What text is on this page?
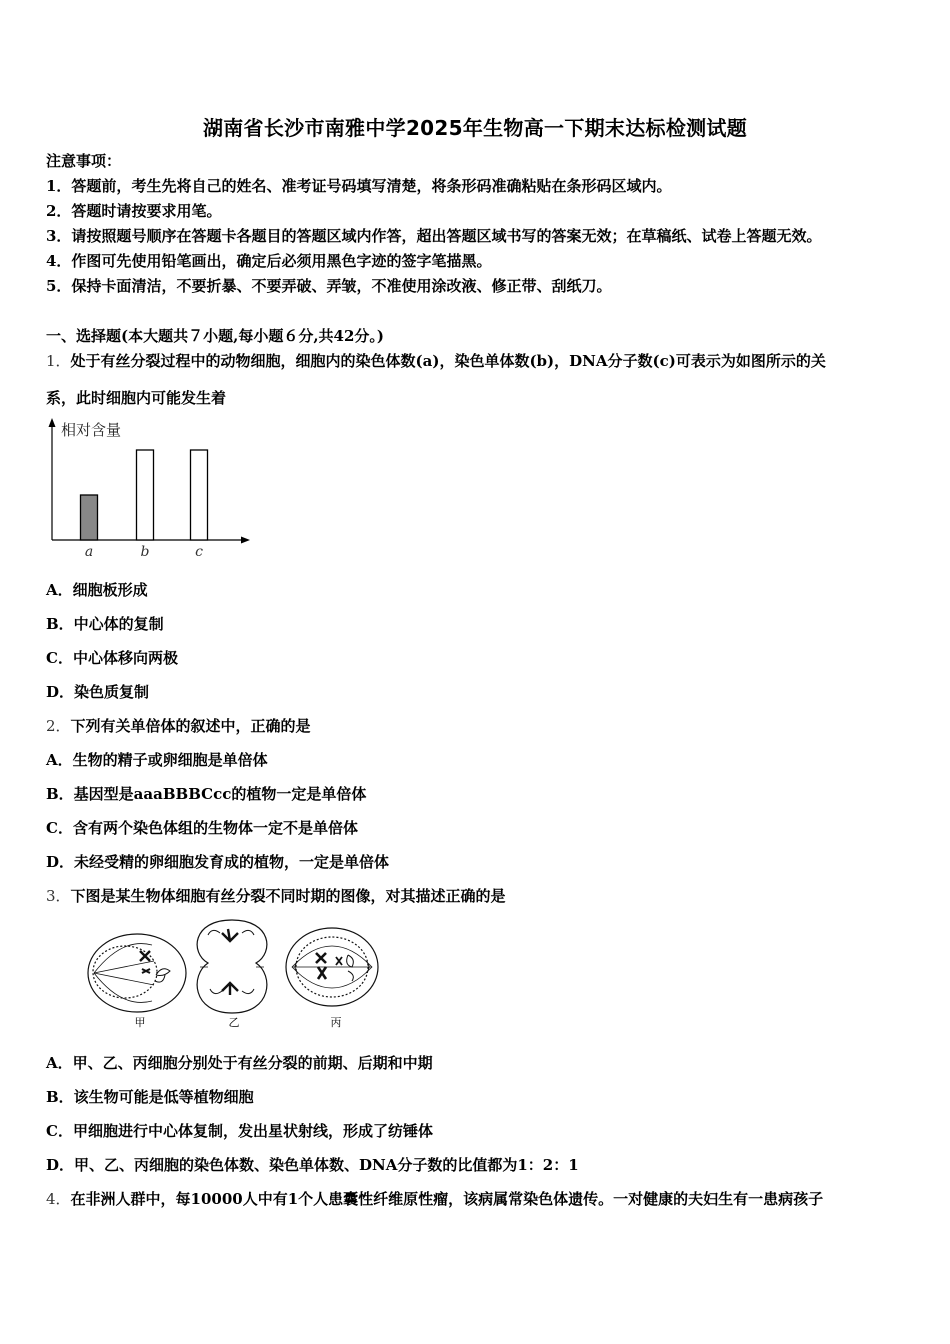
湖南省长沙市南雅中学2025年生物高一下期末达标检测试题
注意事项：
1．答题前，考生先将自己的姓名、准考证号码填写清楚，将条形码准确粘贴在条形码区域内。
2．答题时请按要求用笔。
3．请按照题号顺序在答题卡各题目的答题区域内作答，超出答题区域书写的答案无效；在草稿纸、试卷上答题无效。
4．作图可先使用铅笔画出，确定后必须用黑色字迹的签字笔描黑。
5．保持卡面清洁，不要折暴、不要弄破、弄皱，不准使用涂改液、修正带、刮纸刀。
一、选择题(本大题共７小题,每小题６分,共42分。)
1．处于有丝分裂过程中的动物细胞，细胞内的染色体数(a)，染色单体数(b)，DNA分子数(c)可表示为如图所示的关
系，此时细胞内可能发生着
相对含量
a	b	c
A．细胞板形成
B．中心体的复制
C．中心体移向两极
D．染色质复制
2．下列有关单倍体的叙述中，正确的是
A．生物的精子或卵细胞是单倍体
B．基因型是aaaBBBCcc的植物一定是单倍体
C．含有两个染色体组的生物体一定不是单倍体
D．未经受精的卵细胞发育成的植物，一定是单倍体
3．下图是某生物体细胞有丝分裂不同时期的图像，对其描述正确的是
甲	乙	丙
A．甲、乙、丙细胞分别处于有丝分裂的前期、后期和中期
B．该生物可能是低等植物细胞
C．甲细胞进行中心体复制，发出星状射线，形成了纺锤体
D．甲、乙、丙细胞的染色体数、染色单体数、DNA分子数的比值都为1：2：1
4．在非洲人群中，每10000人中有1个人患囊性纤维原性瘤，该病属常染色体遗传。一对健康的夫妇生有一患病孩子
